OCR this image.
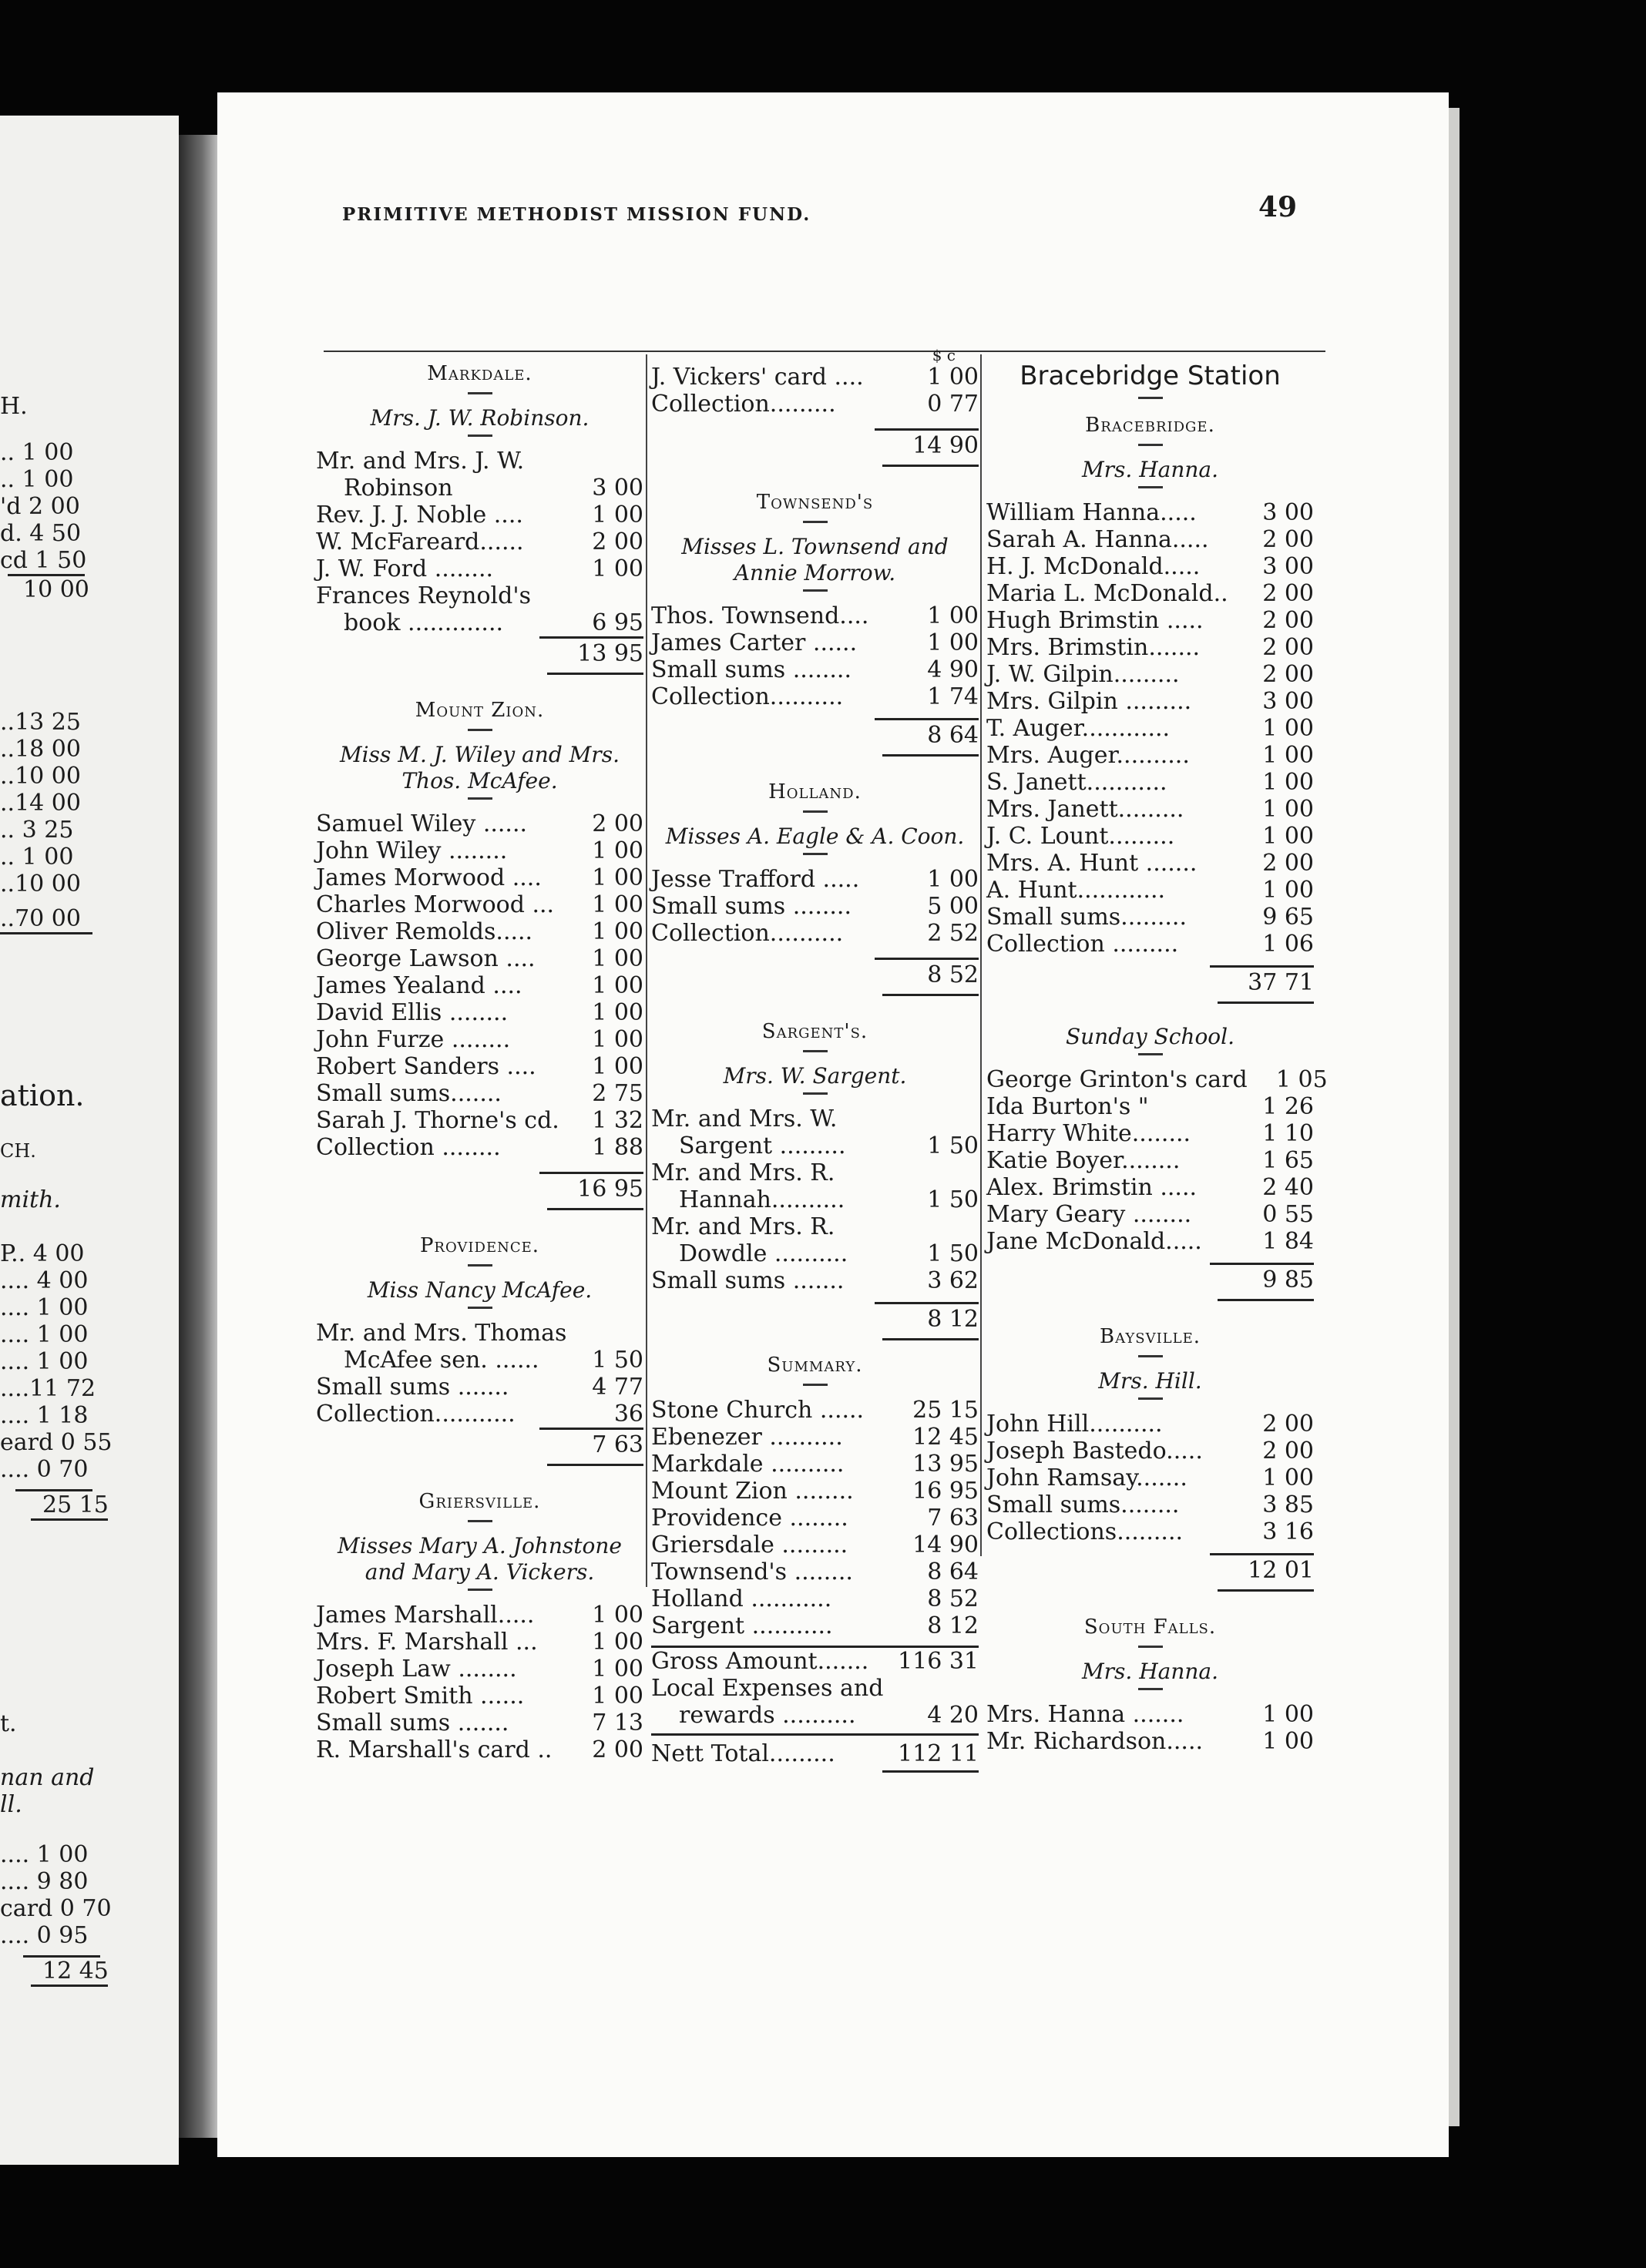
H.
.. 1 00
.. 1 00
'd 2 00
d. 4 50
cd 1 50
10 00
..13 25
..18 00
..10 00
..14 00
.. 3 25
.. 1 00
..10 00
..70 00
ation.
CH.
mith.
P.. 4 00
.... 4 00
.... 1 00
.... 1 00
.... 1 00
....11 72
.... 1 18
eard 0 55
.... 0 70
25 15
t.
nan and
ll.
.... 1 00
.... 9 80
card 0 70
.... 0 95
12 45
PRIMITIVE METHODIST MISSION FUND.	49
Markdale.
Mrs. J. W. Robinson.
Mr. and Mrs. J. W.
Robinson	3 00
Rev. J. J. Noble ....	1 00
W. McFareard......	2 00
J. W. Ford ........	1 00
Frances Reynold's
book .............	6 95
13 95
Mount Zion.
Miss M. J. Wiley and Mrs.
Thos. McAfee.
Samuel Wiley ......	2 00
John Wiley ........	1 00
James Morwood ....	1 00
Charles Morwood ...	1 00
Oliver Remolds.....	1 00
George Lawson ....	1 00
James Yealand ....	1 00
David Ellis ........	1 00
John Furze ........	1 00
Robert Sanders ....	1 00
Small sums.......	2 75
Sarah J. Thorne's cd.	1 32
Collection ........	1 88
16 95
Providence.
Miss Nancy McAfee.
Mr. and Mrs. Thomas
McAfee sen. ......	1 50
Small sums .......	4 77
Collection...........	36
7 63
Griersville.
Misses Mary A. Johnstone
and Mary A. Vickers.
James Marshall.....	1 00
Mrs. F. Marshall ...	1 00
Joseph Law ........	1 00
Robert Smith ......	1 00
Small sums .......	7 13
R. Marshall's card ..	2 00
$ c
J. Vickers' card ....	1 00
Collection.........	0 77
14 90
Townsend's
Misses L. Townsend and
Annie Morrow.
Thos. Townsend....	1 00
James Carter ......	1 00
Small sums ........	4 90
Collection..........	1 74
8 64
Holland.
Misses A. Eagle & A. Coon.
Jesse Trafford .....	1 00
Small sums ........	5 00
Collection..........	2 52
8 52
Sargent's.
Mrs. W. Sargent.
Mr. and Mrs. W.
Sargent .........	1 50
Mr. and Mrs. R.
Hannah..........	1 50
Mr. and Mrs. R.
Dowdle ..........	1 50
Small sums .......	3 62
8 12
Summary.
Stone Church ......	25 15
Ebenezer ..........	12 45
Markdale ..........	13 95
Mount Zion ........	16 95
Providence ........	7 63
Griersdale .........	14 90
Townsend's ........	8 64
Holland ...........	8 52
Sargent ...........	8 12
Gross Amount....... 116 31
Local Expenses and
rewards ..........	4 20
Nett Total.........	112 11
Bracebridge Station
Bracebridge.
Mrs. Hanna.
William Hanna.....	3 00
Sarah A. Hanna.....	2 00
H. J. McDonald.....	3 00
Maria L. McDonald..	2 00
Hugh Brimstin .....	2 00
Mrs. Brimstin.......	2 00
J. W. Gilpin.........	2 00
Mrs. Gilpin .........	3 00
T. Auger............	1 00
Mrs. Auger..........	1 00
S. Janett...........	1 00
Mrs. Janett.........	1 00
J. C. Lount.........	1 00
Mrs. A. Hunt .......	2 00
A. Hunt............	1 00
Small sums.........	9 65
Collection .........	1 06
37 71
Sunday School.
George Grinton's card	1 05
Ida Burton's "	1 26
Harry White........	1 10
Katie Boyer........	1 65
Alex. Brimstin .....	2 40
Mary Geary ........	0 55
Jane McDonald.....	1 84
9 85
Baysville.
Mrs. Hill.
John Hill..........	2 00
Joseph Bastedo.....	2 00
John Ramsay.......	1 00
Small sums........	3 85
Collections.........	3 16
12 01
South Falls.
Mrs. Hanna.
Mrs. Hanna .......	1 00
Mr. Richardson.....	1 00
